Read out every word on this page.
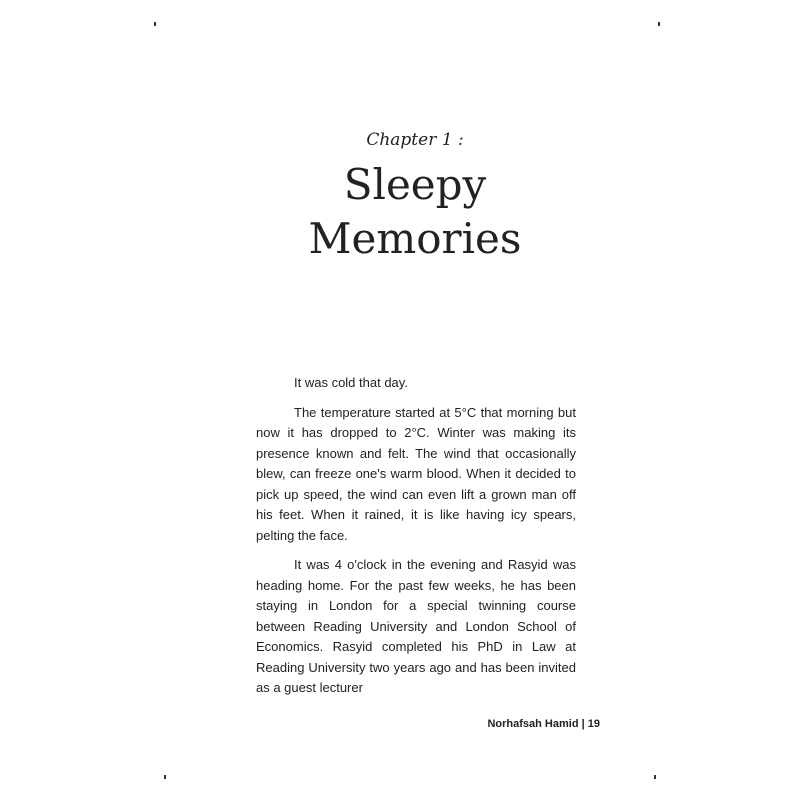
Chapter 1 :
Sleepy
Memories

It was cold that day.

The temperature started at 5°C that morning but now it has dropped to 2°C. Winter was making its presence known and felt. The wind that occasionally blew, can freeze one's warm blood. When it decided to pick up speed, the wind can even lift a grown man off his feet. When it rained, it is like having icy spears, pelting the face.

It was 4 o'clock in the evening and Rasyid was heading home. For the past few weeks, he has been staying in London for a special twinning course between Reading University and London School of Economics. Rasyid completed his PhD in Law at Reading University two years ago and has been invited as a guest lecturer

Norhafsah Hamid | 19
